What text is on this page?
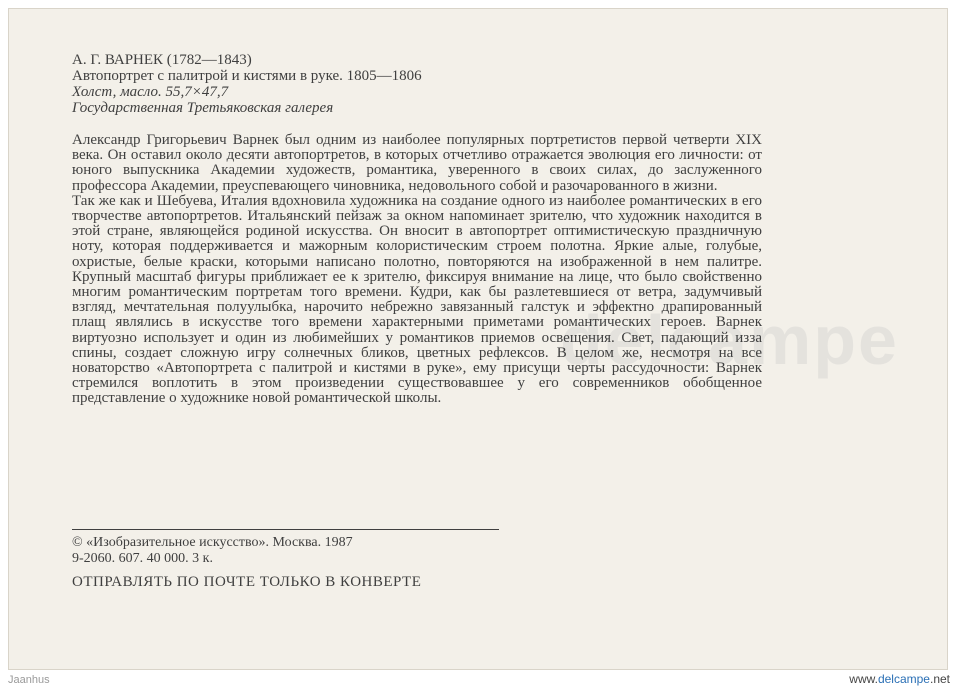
delcampe
А. Г. ВАРНЕК (1782—1843)
Автопортрет с палитрой и кистями в руке. 1805—1806
Холст, масло. 55,7×47,7
Государственная Третьяковская галерея

Александр Григорьевич Варнек был одним из наиболее популярных портретистов первой четверти XIX века. Он оставил около десяти автопортретов, в которых отчетливо отражается эволюция его личности: от юного выпускника Академии художеств, романтика, уверенного в своих силах, до заслуженного профессора Академии, преуспевающего чиновника, недовольного собой и разочарованного в жизни.

Так же как и Шебуева, Италия вдохновила художника на создание одного из наиболее романтических в его творчестве автопортретов. Итальянский пейзаж за окном напоминает зрителю, что художник находится в этой стране, являющейся родиной искусства. Он вносит в автопортрет оптимистическую праздничную ноту, которая поддерживается и мажорным колористическим строем полотна. Яркие алые, голубые, охристые, белые краски, которыми написано полотно, повторяются на изображенной в нем палитре. Крупный масштаб фигуры приближает ее к зрителю, фиксируя внимание на лице, что было свойственно многим романтическим портретам того времени. Кудри, как бы разлетевшиеся от ветра, задумчивый взгляд, мечтательная полуулыбка, нарочито небрежно завязанный галстук и эффектно драпированный плащ являлись в искусстве того времени характерными приметами романтических героев. Варнек виртуозно использует и один из любимейших у романтиков приемов освещения. Свет, падающий изза спины, создает сложную игру солнечных бликов, цветных рефлексов. В целом же, несмотря на все новаторство «Автопортрета с палитрой и кистями в руке», ему присущи черты рассудочности: Варнек стремился воплотить в этом произведении существовавшее у его современников обобщенное представление о художнике новой романтической школы.

© «Изобразительное искусство». Москва. 1987
9-2060. 607. 40 000. 3 к.
ОТПРАВЛЯТЬ ПО ПОЧТЕ ТОЛЬКО В КОНВЕРТЕ
Jaanhus	www.delcampe.net
